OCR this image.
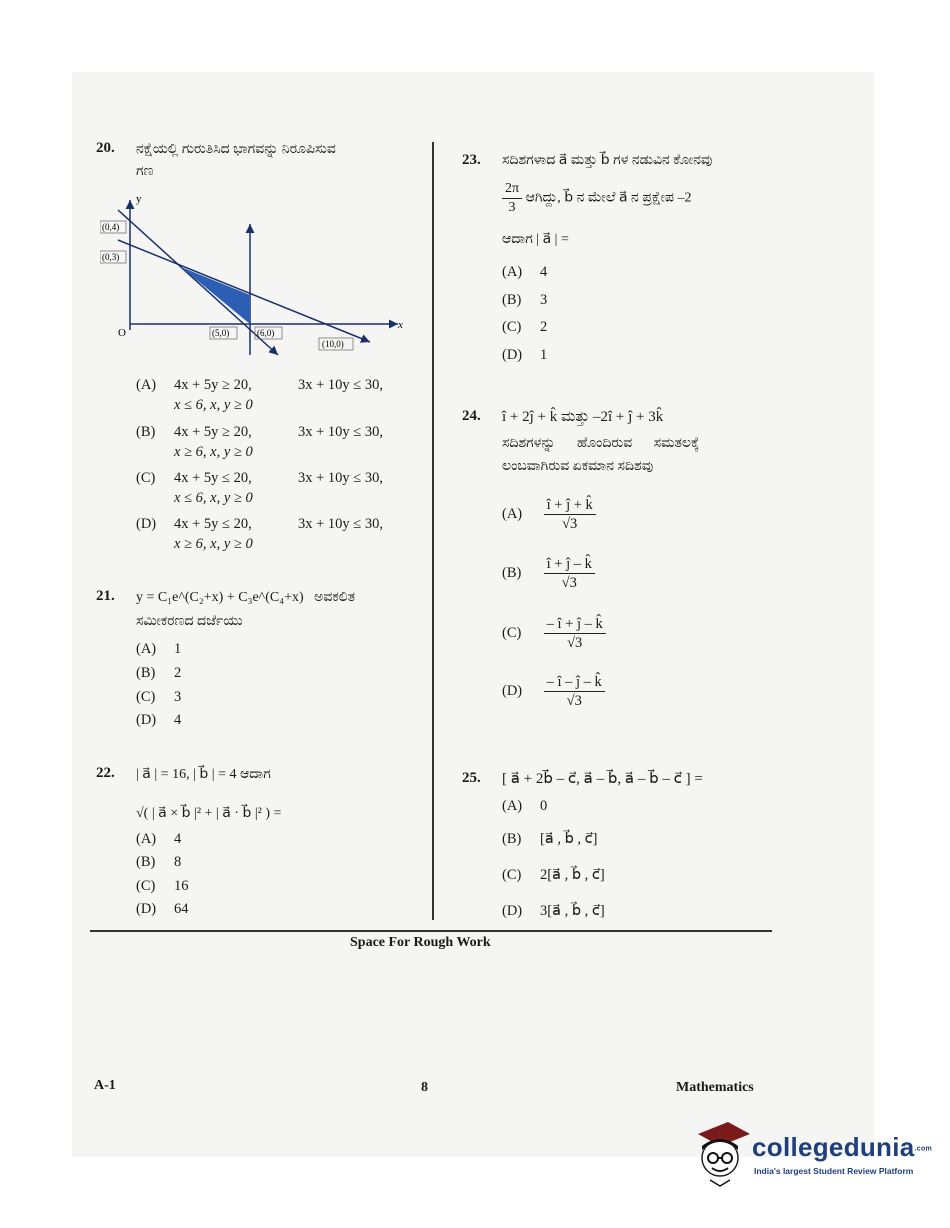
20. ನಕ್ಷೆಯಲ್ಲಿ ಗುರುತಿಸಿದ ಭಾಗವನ್ನು ನಿರೂಪಿಸುವ
ಗಣ
y
x
O
(0,4)
(0,3)
(5,0)	(6,0)
(10,0)
(A) 4x + 5y ≥ 20,	3x + 10y ≤ 30,
x ≤ 6, x, y ≥ 0
(B) 4x + 5y ≥ 20,	3x + 10y ≤ 30,
x ≥ 6, x, y ≥ 0
(C) 4x + 5y ≤ 20,	3x + 10y ≤ 30,
x ≤ 6, x, y ≥ 0
(D) 4x + 5y ≤ 20,	3x + 10y ≤ 30,
x ≥ 6, x, y ≥ 0
21. y = C₁e^(C₂+x) + C₃e^(C₄+x) ಅವಕಲಿತ
ಸಮೀಕರಣದ ದರ್ಜೆಯು
(A) 1
(B) 2
(C) 3
(D) 4
22. | a⃗ | = 16, | b⃗ | = 4 ಆದಾಗ
√( | a⃗ × b⃗ |² + | a⃗ · b⃗ |² ) =
(A) 4
(B) 8
(C) 16
(D) 64
23. ಸದಿಶಗಳಾದ a⃗ ಮತ್ತು b⃗ ಗಳ ನಡುವಿನ ಕೋನವು
$\frac{2\pi}{3}$ ಆಗಿದ್ದು, b⃗ ನ ಮೇಲೆ a⃗ ನ ಪ್ರಕ್ಷೇಪ –2
ಆದಾಗ | a⃗ | =
(A) 4
(B) 3
(C) 2
(D) 1
24. î + 2ĵ + k̂ ಮತ್ತು –2î + ĵ + 3k̂
ಸದಿಶಗಳನ್ನು ಹೊಂದಿರುವ ಸಮತಲಕ್ಕೆ
ಲಂಬವಾಗಿರುವ ಏಕಮಾನ ಸದಿಶವು
$(A) \frac{î + ĵ + k̂}{√3}$
$(B) \frac{î + ĵ - k̂}{√3}$
$(C) \frac{- î + ĵ - k̂}{√3}$
$(D) \frac{- î - ĵ - k̂}{√3}$
25. [ a⃗ + 2b⃗ – c⃗, a⃗ – b⃗, a⃗ – b⃗ – c⃗ ] =
(A) 0
(B) [a⃗ , b⃗ , c⃗]
(C) 2[a⃗ , b⃗ , c⃗]
(D) 3[a⃗ , b⃗ , c⃗]
Space For Rough Work
A-1	8	Mathematics
collegedunia.com
India's largest Student Review Platform
